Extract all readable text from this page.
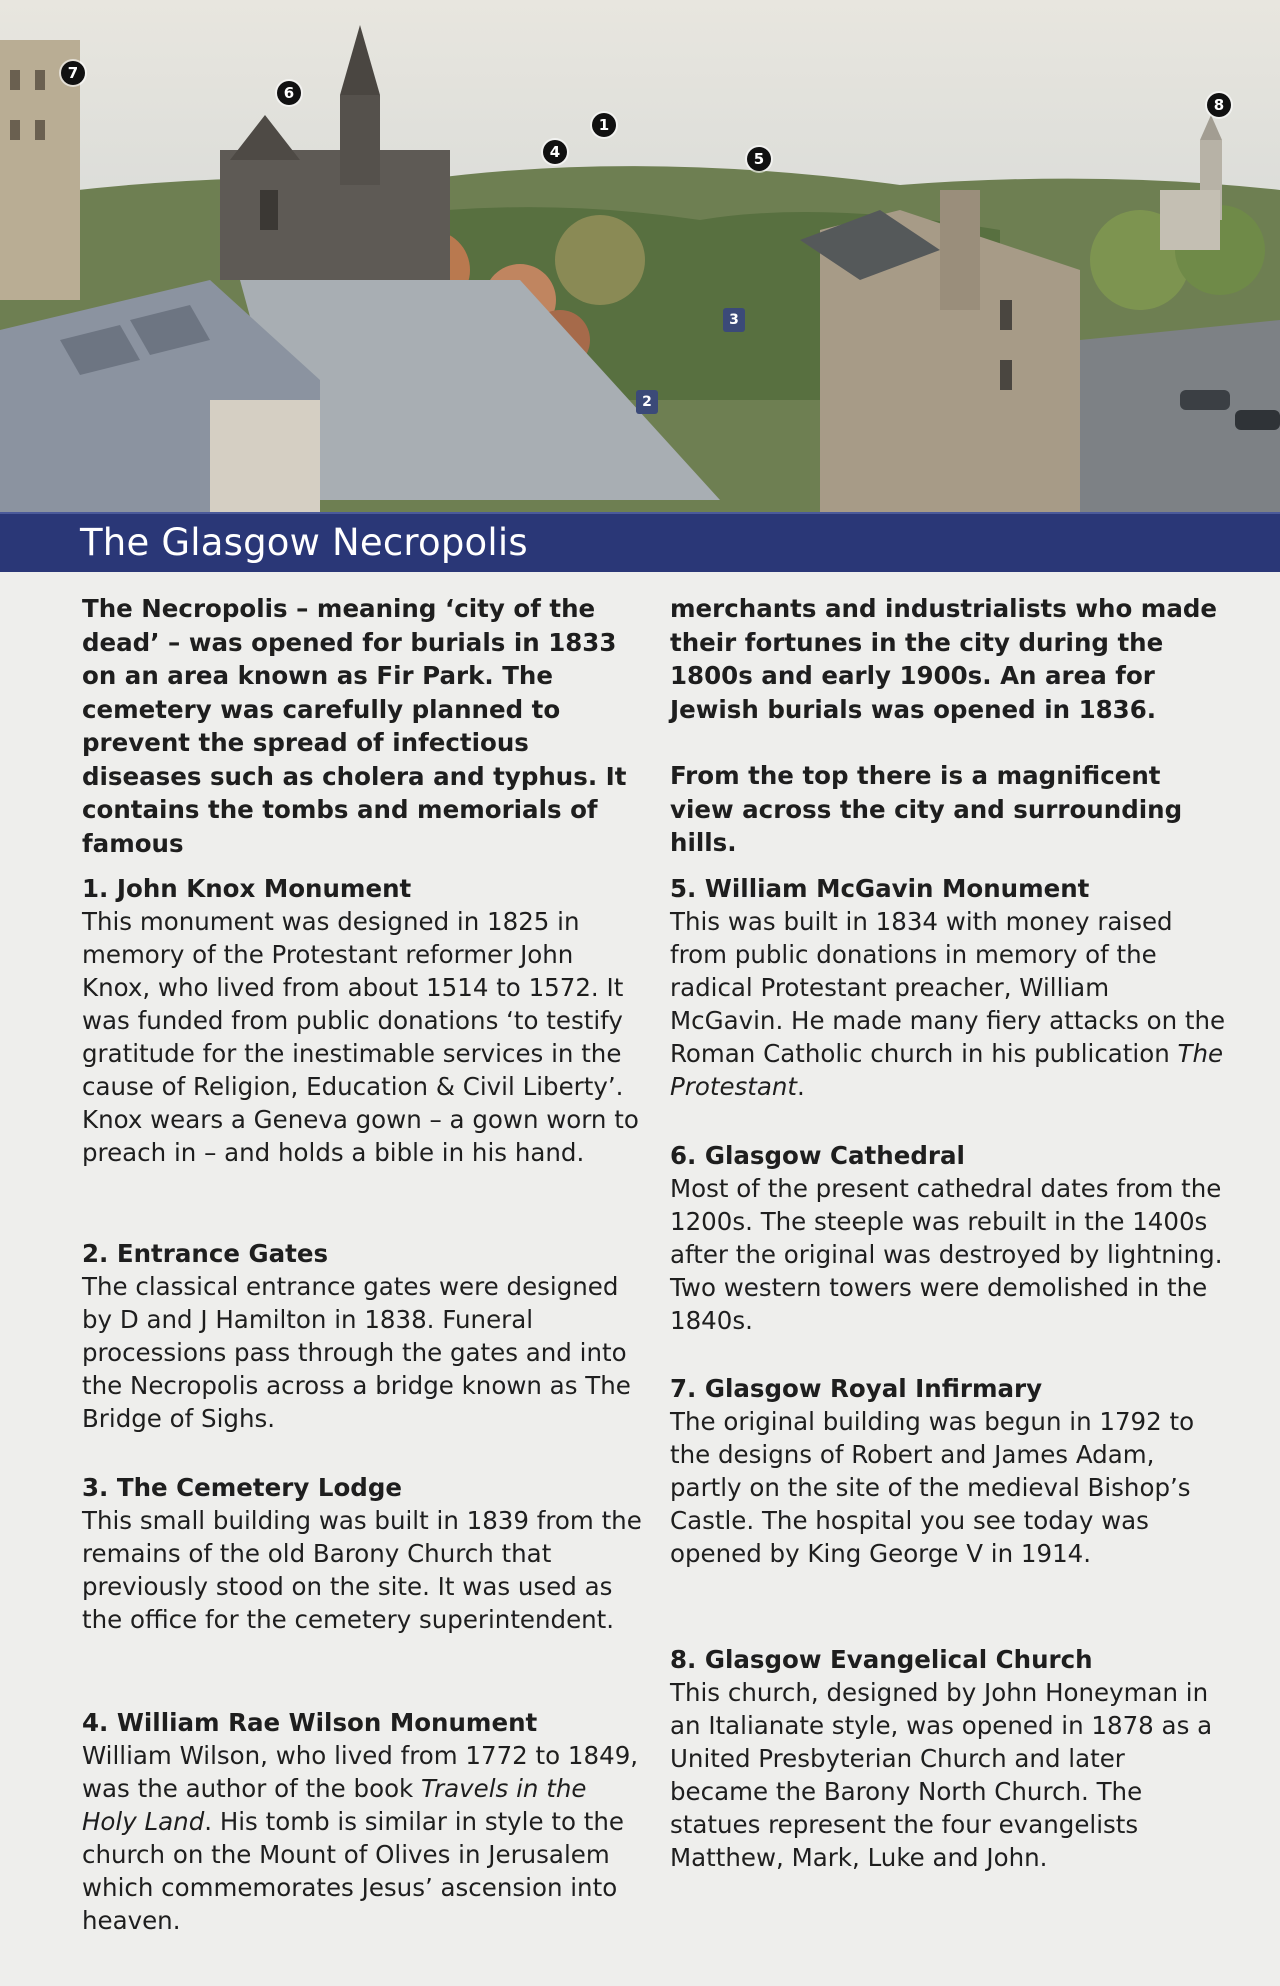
7
6
1
4	5
8
3
2
The Glasgow Necropolis

The Necropolis – meaning ‘city of the dead’ – was opened for burials in 1833 on an area known as Fir Park. The cemetery was carefully planned to prevent the spread of infectious diseases such as cholera and typhus. It contains the tombs and memorials of famous

merchants and industrialists who made their fortunes in the city during the 1800s and early 1900s. An area for Jewish burials was opened in 1836.

From the top there is a magnificent view across the city and surrounding hills.

1. John Knox Monument

This monument was designed in 1825 in memory of the Protestant reformer John Knox, who lived from about 1514 to 1572. It was funded from public donations ‘to testify gratitude for the inestimable services in the cause of Religion, Education & Civil Liberty’. Knox wears a Geneva gown – a gown worn to preach in – and holds a bible in his hand.

2. Entrance Gates

The classical entrance gates were designed by D and J Hamilton in 1838. Funeral processions pass through the gates and into the Necropolis across a bridge known as The Bridge of Sighs.

3. The Cemetery Lodge

This small building was built in 1839 from the remains of the old Barony Church that previously stood on the site. It was used as the office for the cemetery superintendent.

4. William Rae Wilson Monument

William Wilson, who lived from 1772 to 1849, was the author of the book Travels in the Holy Land. His tomb is similar in style to the church on the Mount of Olives in Jerusalem which commemorates Jesus’ ascension into heaven.

5. William McGavin Monument

This was built in 1834 with money raised from public donations in memory of the radical Protestant preacher, William McGavin. He made many fiery attacks on the Roman Catholic church in his publication The Protestant.

6. Glasgow Cathedral

Most of the present cathedral dates from the 1200s. The steeple was rebuilt in the 1400s after the original was destroyed by lightning. Two western towers were demolished in the 1840s.

7. Glasgow Royal Infirmary

The original building was begun in 1792 to the designs of Robert and James Adam, partly on the site of the medieval Bishop’s Castle. The hospital you see today was opened by King George V in 1914.

8. Glasgow Evangelical Church

This church, designed by John Honeyman in an Italianate style, was opened in 1878 as a United Presbyterian Church and later became the Barony North Church. The statues represent the four evangelists Matthew, Mark, Luke and John.
